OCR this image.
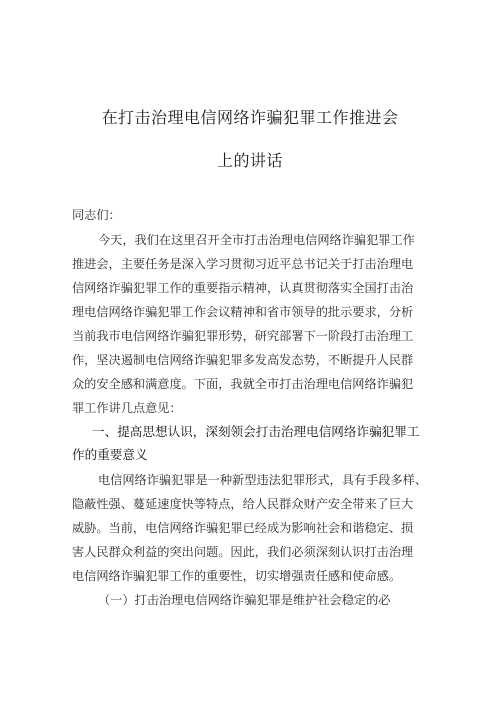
在打击治理电信网络诈骗犯罪工作推进会
上的讲话
同志们：
今天，我们在这里召开全市打击治理电信网络诈骗犯罪工作
推进会，主要任务是深入学习贯彻习近平总书记关于打击治理电
信网络诈骗犯罪工作的重要指示精神，认真贯彻落实全国打击治
理电信网络诈骗犯罪工作会议精神和省市领导的批示要求，分析
当前我市电信网络诈骗犯罪形势，研究部署下一阶段打击治理工
作，坚决遏制电信网络诈骗犯罪多发高发态势，不断提升人民群
众的安全感和满意度。下面，我就全市打击治理电信网络诈骗犯
罪工作讲几点意见：
一、提高思想认识，深刻领会打击治理电信网络诈骗犯罪工
作的重要意义
电信网络诈骗犯罪是一种新型违法犯罪形式，具有手段多样、
隐蔽性强、蔓延速度快等特点，给人民群众财产安全带来了巨大
威胁。当前，电信网络诈骗犯罪已经成为影响社会和谐稳定、损
害人民群众利益的突出问题。因此，我们必须深刻认识打击治理
电信网络诈骗犯罪工作的重要性，切实增强责任感和使命感。
（一）打击治理电信网络诈骗犯罪是维护社会稳定的必
